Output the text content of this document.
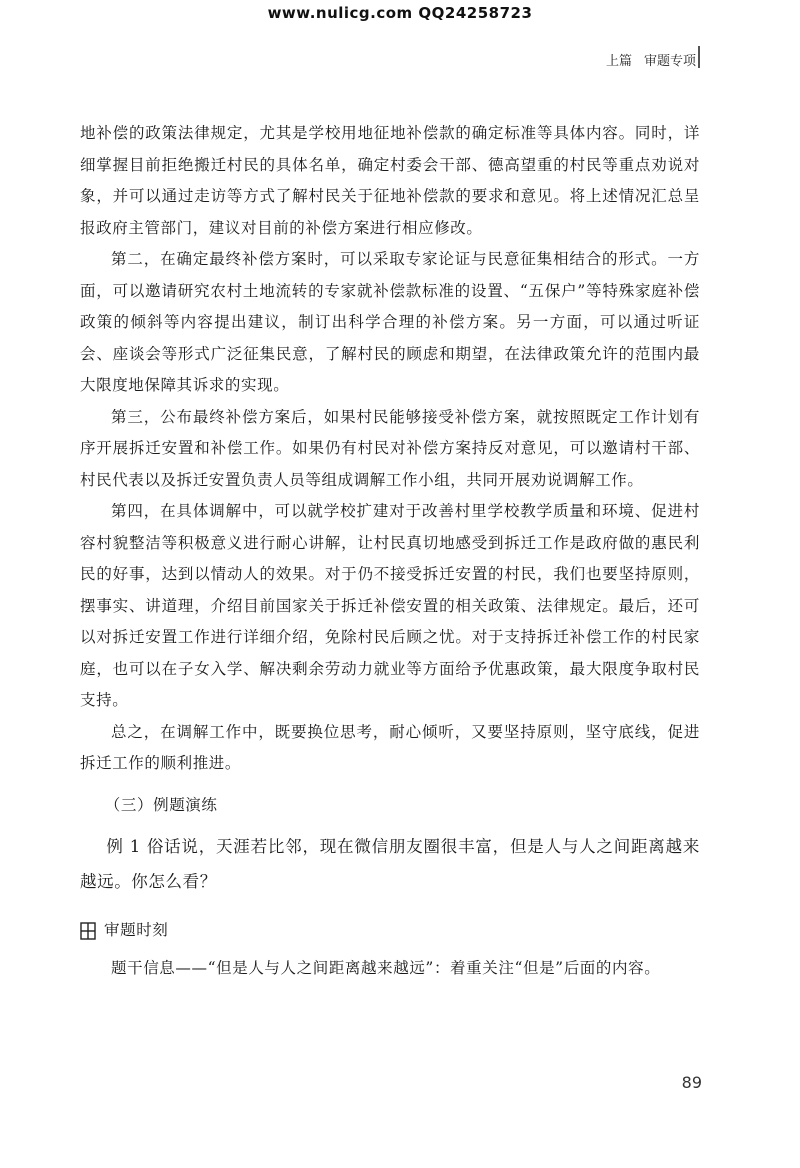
www.nulicg.com QQ24258723
上篇 审题专项

地补偿的政策法律规定，尤其是学校用地征地补偿款的确定标准等具体内容。同时，详细掌握目前拒绝搬迁村民的具体名单，确定村委会干部、德高望重的村民等重点劝说对象，并可以通过走访等方式了解村民关于征地补偿款的要求和意见。将上述情况汇总呈报政府主管部门，建议对目前的补偿方案进行相应修改。

第二，在确定最终补偿方案时，可以采取专家论证与民意征集相结合的形式。一方面，可以邀请研究农村土地流转的专家就补偿款标准的设置、“五保户”等特殊家庭补偿政策的倾斜等内容提出建议，制订出科学合理的补偿方案。另一方面，可以通过听证会、座谈会等形式广泛征集民意，了解村民的顾虑和期望，在法律政策允许的范围内最大限度地保障其诉求的实现。

第三，公布最终补偿方案后，如果村民能够接受补偿方案，就按照既定工作计划有序开展拆迁安置和补偿工作。如果仍有村民对补偿方案持反对意见，可以邀请村干部、村民代表以及拆迁安置负责人员等组成调解工作小组，共同开展劝说调解工作。

第四，在具体调解中，可以就学校扩建对于改善村里学校教学质量和环境、促进村容村貌整洁等积极意义进行耐心讲解，让村民真切地感受到拆迁工作是政府做的惠民利民的好事，达到以情动人的效果。对于仍不接受拆迁安置的村民，我们也要坚持原则，摆事实、讲道理，介绍目前国家关于拆迁补偿安置的相关政策、法律规定。最后，还可以对拆迁安置工作进行详细介绍，免除村民后顾之忧。对于支持拆迁补偿工作的村民家庭，也可以在子女入学、解决剩余劳动力就业等方面给予优惠政策，最大限度争取村民支持。

总之，在调解工作中，既要换位思考，耐心倾听，又要坚持原则，坚守底线，促进拆迁工作的顺利推进。

（三）例题演练

例 1 俗话说，天涯若比邻，现在微信朋友圈很丰富，但是人与人之间距离越来越远。你怎么看？

审题时刻

题干信息——“但是人与人之间距离越来越远”：着重关注“但是”后面的内容。

89
